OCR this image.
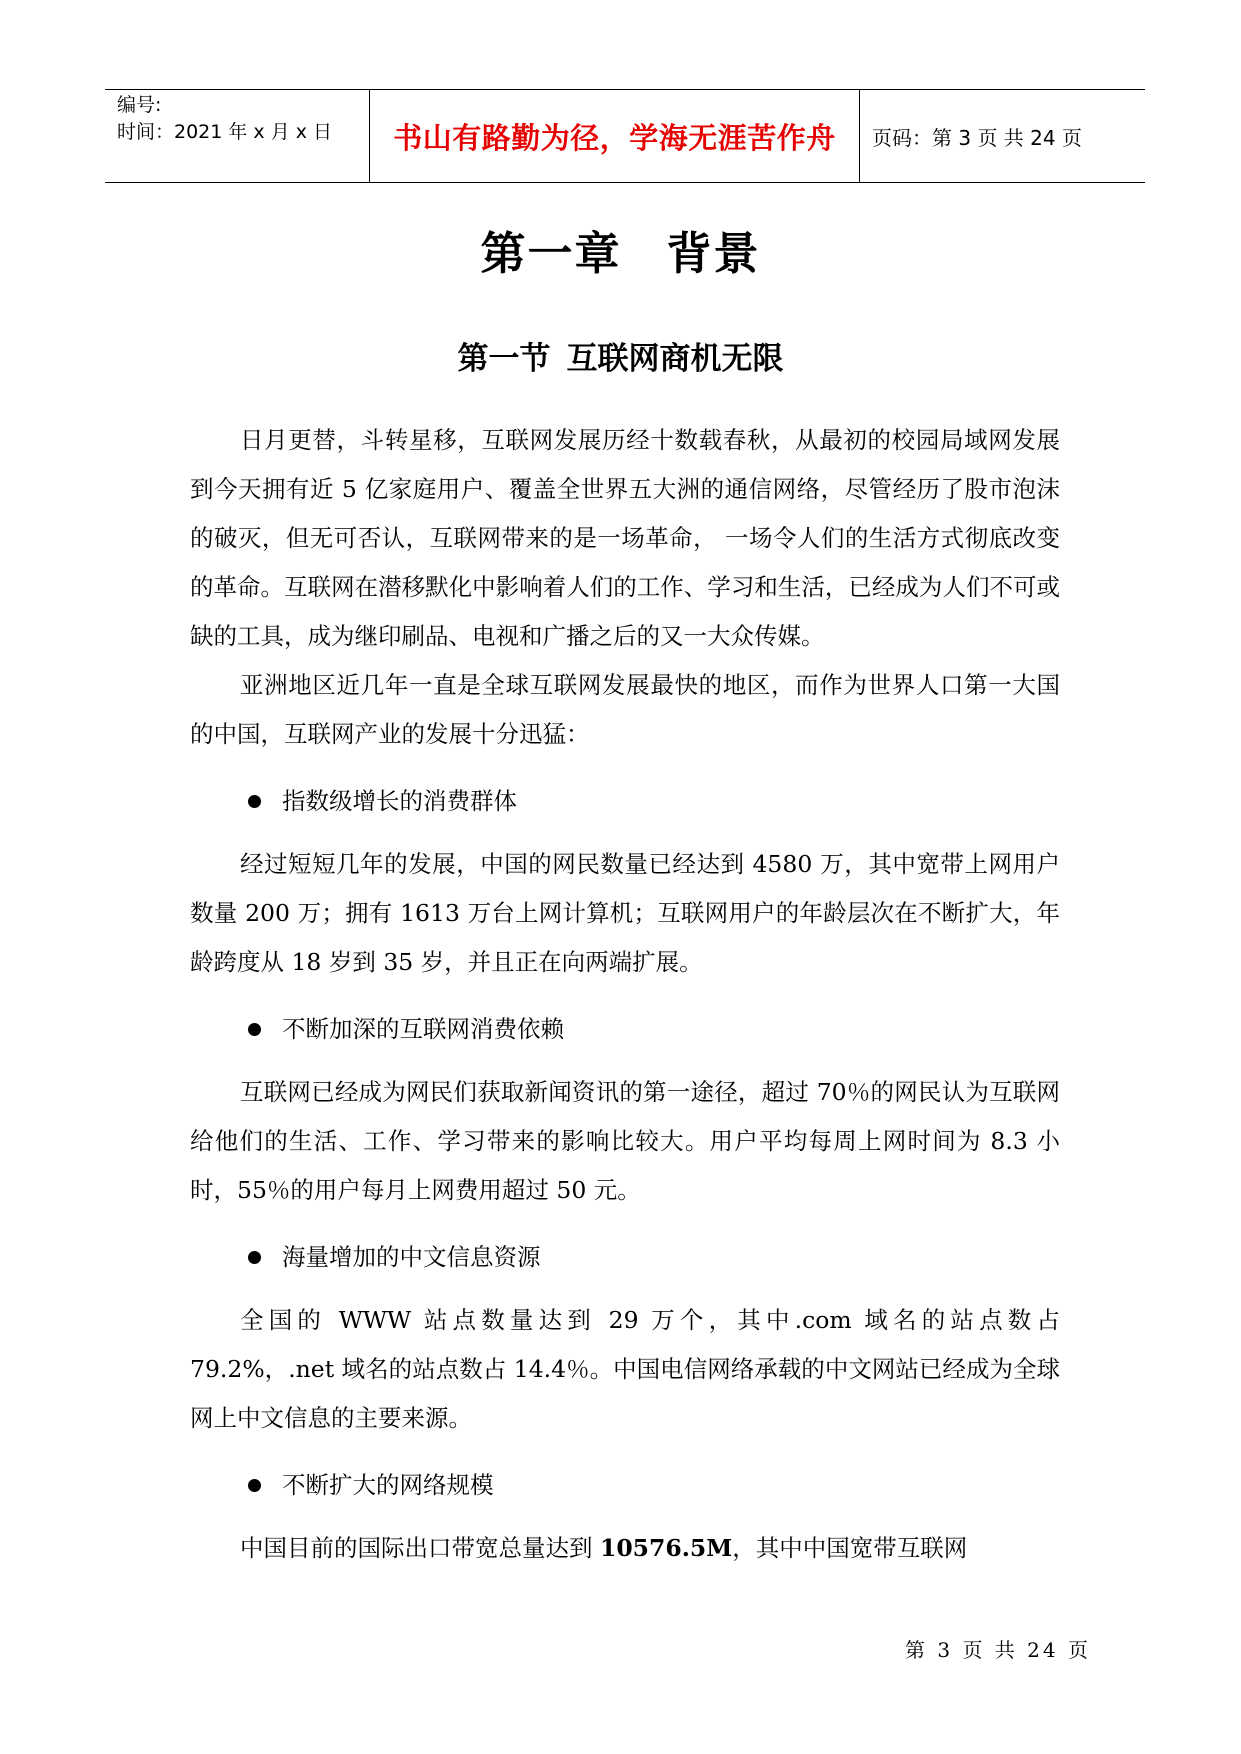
编号:
时间：2021 年 x 月 x 日	书山有路勤为径，学海无涯苦作舟 页码：第 3 页 共 24 页
第一章 背景
第一节 互联网商机无限

日月更替，斗转星移，互联网发展历经十数载春秋，从最初的校园局域网发展到今天拥有近 5 亿家庭用户、覆盖全世界五大洲的通信网络，尽管经历了股市泡沫的破灭，但无可否认，互联网带来的是一场革命， 一场令人们的生活方式彻底改变的革命。互联网在潜移默化中影响着人们的工作、学习和生活，已经成为人们不可或缺的工具，成为继印刷品、电视和广播之后的又一大众传媒。

亚洲地区近几年一直是全球互联网发展最快的地区，而作为世界人口第一大国的中国，互联网产业的发展十分迅猛：

指数级增长的消费群体

经过短短几年的发展，中国的网民数量已经达到 4580 万，其中宽带上网用户数量 200 万；拥有 1613 万台上网计算机；互联网用户的年龄层次在不断扩大，年龄跨度从 18 岁到 35 岁，并且正在向两端扩展。

不断加深的互联网消费依赖

互联网已经成为网民们获取新闻资讯的第一途径，超过 70％的网民认为互联网给他们的生活、工作、学习带来的影响比较大。用户平均每周上网时间为 8.3 小时，55％的用户每月上网费用超过 50 元。

海量增加的中文信息资源

全国的 WWW 站点数量达到 29 万个，其中.com 域名的站点数占 79.2%，.net 域名的站点数占 14.4％。中国电信网络承载的中文网站已经成为全球网上中文信息的主要来源。

不断扩大的网络规模

中国目前的国际出口带宽总量达到 10576.5M，其中中国宽带互联网

第 3 页 共 24 页
